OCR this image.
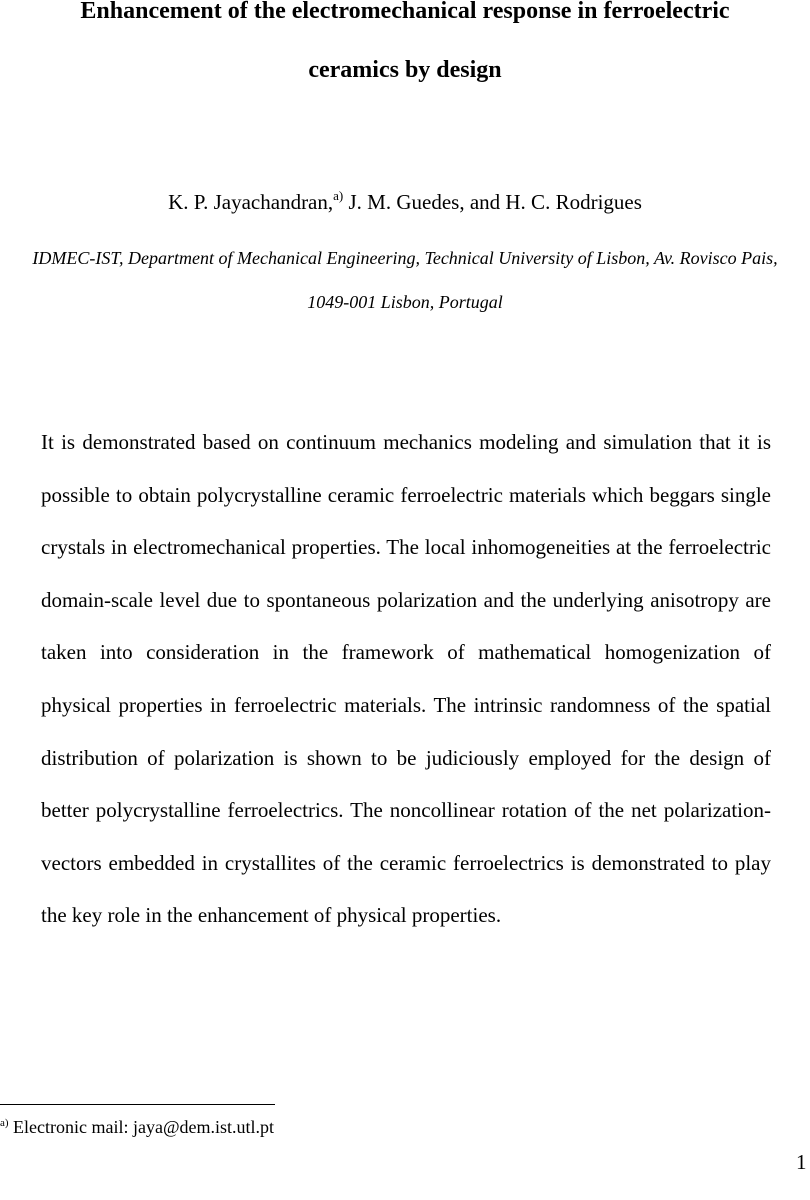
Enhancement of the electromechanical response in ferroelectric
ceramics by design

K. P. Jayachandran,$^{a)}$ J. M. Guedes, and H. C. Rodrigues

IDMEC-IST, Department of Mechanical Engineering, Technical University of Lisbon, Av. Rovisco Pais,

1049-001 Lisbon, Portugal

It is demonstrated based on continuum mechanics modeling and simulation that it is possible to obtain polycrystalline ceramic ferroelectric materials which beggars single crystals in electromechanical properties. The local inhomogeneities at the ferroelectric domain-scale level due to spontaneous polarization and the underlying anisotropy are taken into consideration in the framework of mathematical homogenization of physical properties in ferroelectric materials. The intrinsic randomness of the spatial distribution of polarization is shown to be judiciously employed for the design of better polycrystalline ferroelectrics. The noncollinear rotation of the net polarization-vectors embedded in crystallites of the ceramic ferroelectrics is demonstrated to play the key role in the enhancement of physical properties.

$^{a)}$ Electronic mail: jaya@dem.ist.utl.pt

1
